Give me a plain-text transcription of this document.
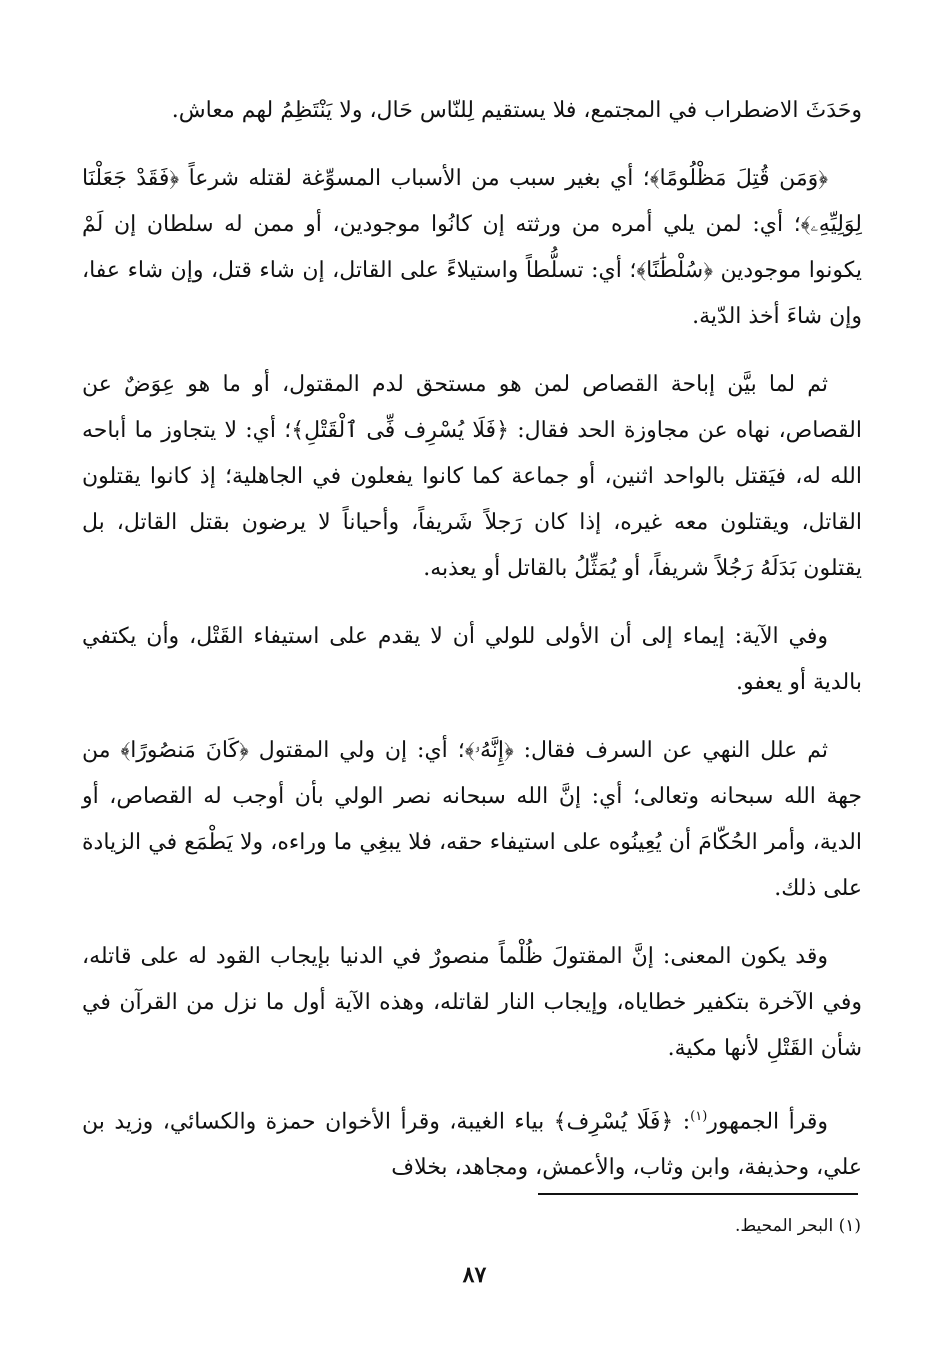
وحَدَثَ الاضطراب في المجتمع، فلا يستقيم لِلنّاس حَال، ولا يَنْتَظِمُ لهم معاش.

﴿وَمَن قُتِلَ مَظْلُومًا﴾؛ أي بغير سبب من الأسباب المسوِّغة لقتله شرعاً ﴿فَقَدْ جَعَلْنَا لِوَلِيِّهِۦ﴾؛ أي: لمن يلي أمره من ورثته إن كانُوا موجودين، أو ممن له سلطان إن لَمْ يكونوا موجودين ﴿سُلْطَٰنًا﴾؛ أي: تسلُّطاً واستيلاءً على القاتل، إن شاء قتل، وإن شاء عفا، وإن شاءَ أخذ الدّية.

ثم لما بيَّن إباحة القصاص لمن هو مستحق لدم المقتول، أو ما هو عِوَضٌ عن القصاص، نهاه عن مجاوزة الحد فقال: ﴿فَلَا يُسْرِف فِّى ٱلْقَتْلِ﴾؛ أي: لا يتجاوز ما أباحه الله له، فيَقتل بالواحد اثنين، أو جماعة كما كانوا يفعلون في الجاهلية؛ إذ كانوا يقتلون القاتل، ويقتلون معه غيره، إذا كان رَجلاً شَريفاً، وأحياناً لا يرضون بقتل القاتل، بل يقتلون بَدَلَهُ رَجُلاً شريفاً، أو يُمَثِّلُ بالقاتل أو يعذبه.

وفي الآية: إيماء إلى أن الأولى للولي أن لا يقدم على استيفاء القَتْل، وأن يكتفي بالدية أو يعفو.

ثم علل النهي عن السرف فقال: ﴿إِنَّهُۥ﴾؛ أي: إن ولي المقتول ﴿كَانَ مَنصُورًا﴾ من جهة الله سبحانه وتعالى؛ أي: إنَّ الله سبحانه نصر الولي بأن أوجب له القصاص، أو الدية، وأمر الحُكّامَ أن يُعِينُوه على استيفاء حقه، فلا يبغِي ما وراءه، ولا يَطْمَع في الزيادة على ذلك.

وقد يكون المعنى: إنَّ المقتولَ ظُلْماً منصورٌ في الدنيا بإيجاب القود له على قاتله، وفي الآخرة بتكفير خطاياه، وإيجاب النار لقاتله، وهذه الآية أول ما نزل من القرآن في شأن القَتْلِ لأنها مكية.

وقرأ الجمهور$^{(١)}$: ﴿فَلَا يُسْرِف﴾ بياء الغيبة، وقرأ الأخوان حمزة والكسائي، وزيد بن علي، وحذيفة، وابن وثاب، والأعمش، ومجاهد، بخلاف

(١) البحر المحيط.
٨٧
